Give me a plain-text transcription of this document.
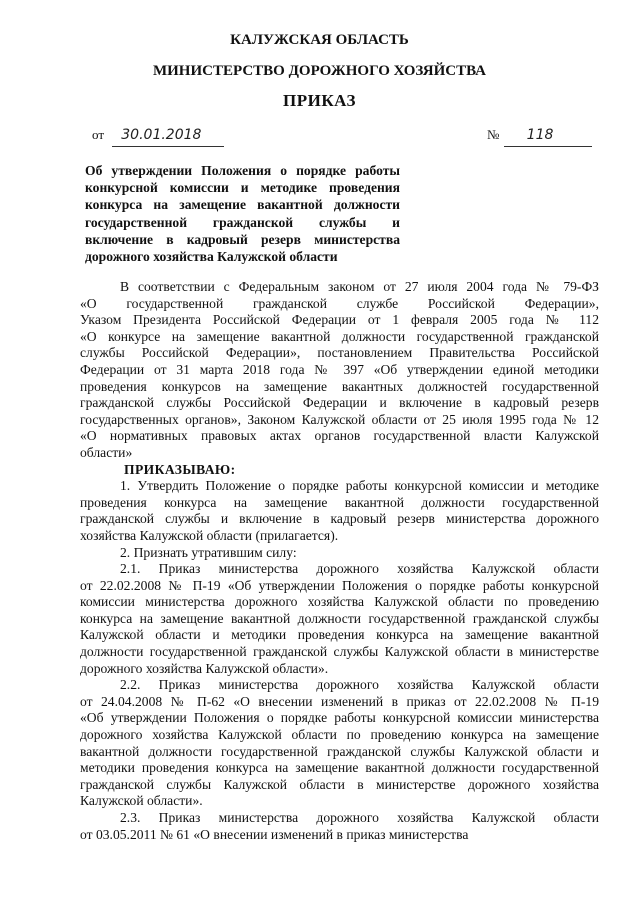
КАЛУЖСКАЯ ОБЛАСТЬ
МИНИСТЕРСТВО ДОРОЖНОГО ХОЗЯЙСТВА
ПРИКАЗ
от 30.01.2018	№ 118
Об утверждении Положения о порядке работы
конкурсной комиссии и методике проведения
конкурса на замещение вакантной должности
государственной гражданской службы и
включение в кадровый резерв министерства
дорожного хозяйства Калужской области
В соответствии с Федеральным законом от 27 июля 2004 года № 79-ФЗ
«О государственной гражданской службе Российской Федерации»,
Указом Президента Российской Федерации от 1 февраля 2005 года № 112
«О конкурсе на замещение вакантной должности государственной гражданской
службы Российской Федерации», постановлением Правительства Российской
Федерации от 31 марта 2018 года № 397 «Об утверждении единой методики
проведения конкурсов на замещение вакантных должностей государственной
гражданской службы Российской Федерации и включение в кадровый резерв
государственных органов», Законом Калужской области от 25 июля 1995 года № 12
«О нормативных правовых актах органов государственной власти Калужской
области»
ПРИКАЗЫВАЮ:
1. Утвердить Положение о порядке работы конкурсной комиссии и методике
проведения конкурса на замещение вакантной должности государственной
гражданской службы и включение в кадровый резерв министерства дорожного
хозяйства Калужской области (прилагается).
2. Признать утратившим силу:
2.1. Приказ министерства дорожного хозяйства Калужской области
от 22.02.2008 № П-19 «Об утверждении Положения о порядке работы конкурсной
комиссии министерства дорожного хозяйства Калужской области по проведению
конкурса на замещение вакантной должности государственной гражданской службы
Калужской области и методики проведения конкурса на замещение вакантной
должности государственной гражданской службы Калужской области в министерстве
дорожного хозяйства Калужской области».
2.2. Приказ министерства дорожного хозяйства Калужской области
от 24.04.2008 № П-62 «О внесении изменений в приказ от 22.02.2008 № П-19
«Об утверждении Положения о порядке работы конкурсной комиссии министерства
дорожного хозяйства Калужской области по проведению конкурса на замещение
вакантной должности государственной гражданской службы Калужской области и
методики проведения конкурса на замещение вакантной должности государственной
гражданской службы Калужской области в министерстве дорожного хозяйства
Калужской области».
2.3. Приказ министерства дорожного хозяйства Калужской области
от 03.05.2011 № 61 «О внесении изменений в приказ министерства
